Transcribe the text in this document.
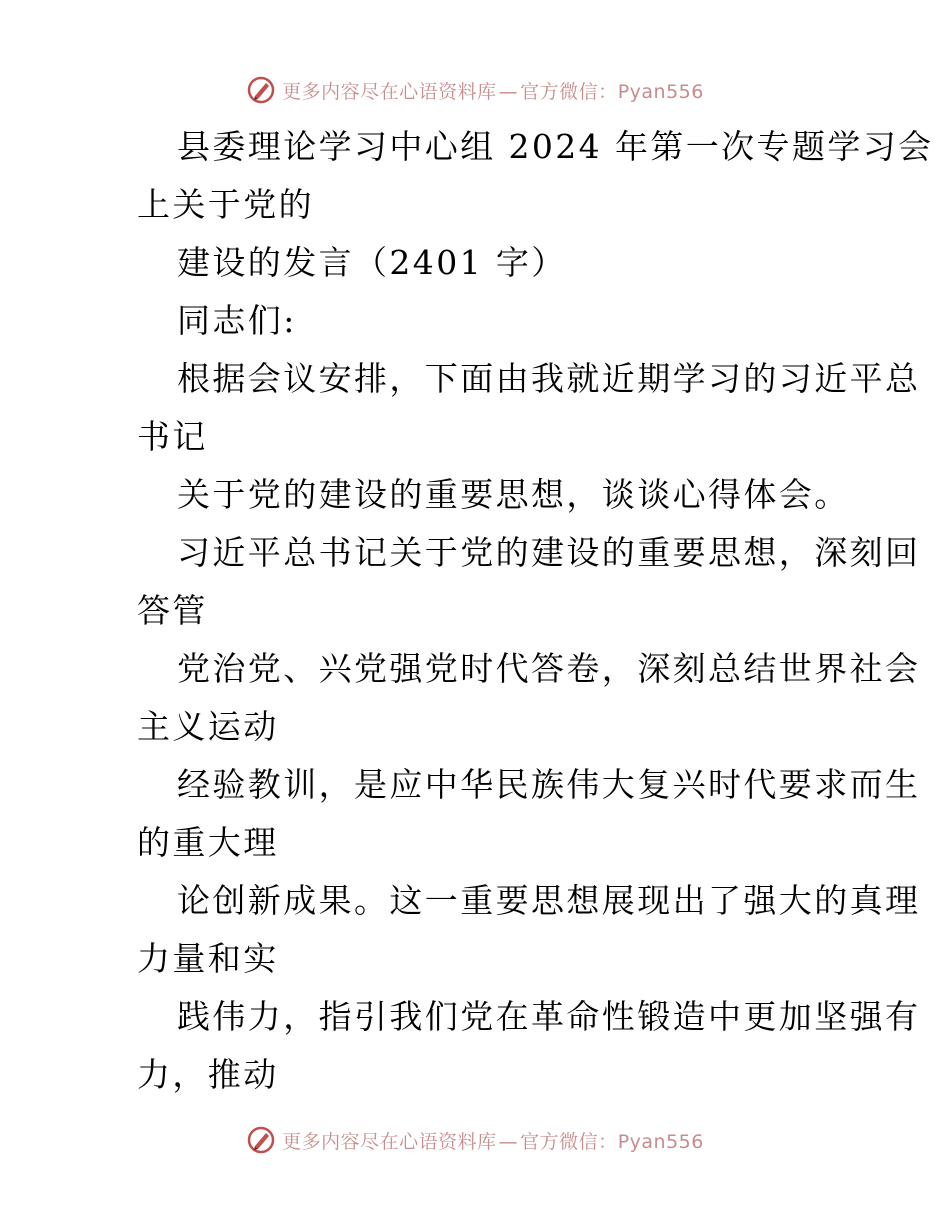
更多内容尽在心语资料库 — 官方微信：Pyan556
县委理论学习中心组 2024 年第一次专题学习会
上关于党的
建设的发言（2401 字）
同志们:
根据会议安排，下面由我就近期学习的习近平总
书记
关于党的建设的重要思想，谈谈心得体会。
习近平总书记关于党的建设的重要思想，深刻回
答管
党治党、兴党强党时代答卷，深刻总结世界社会
主义运动
经验教训，是应中华民族伟大复兴时代要求而生
的重大理
论创新成果。这一重要思想展现出了强大的真理
力量和实
践伟力，指引我们党在革命性锻造中更加坚强有
力，推动
更多内容尽在心语资料库 — 官方微信：Pyan556
